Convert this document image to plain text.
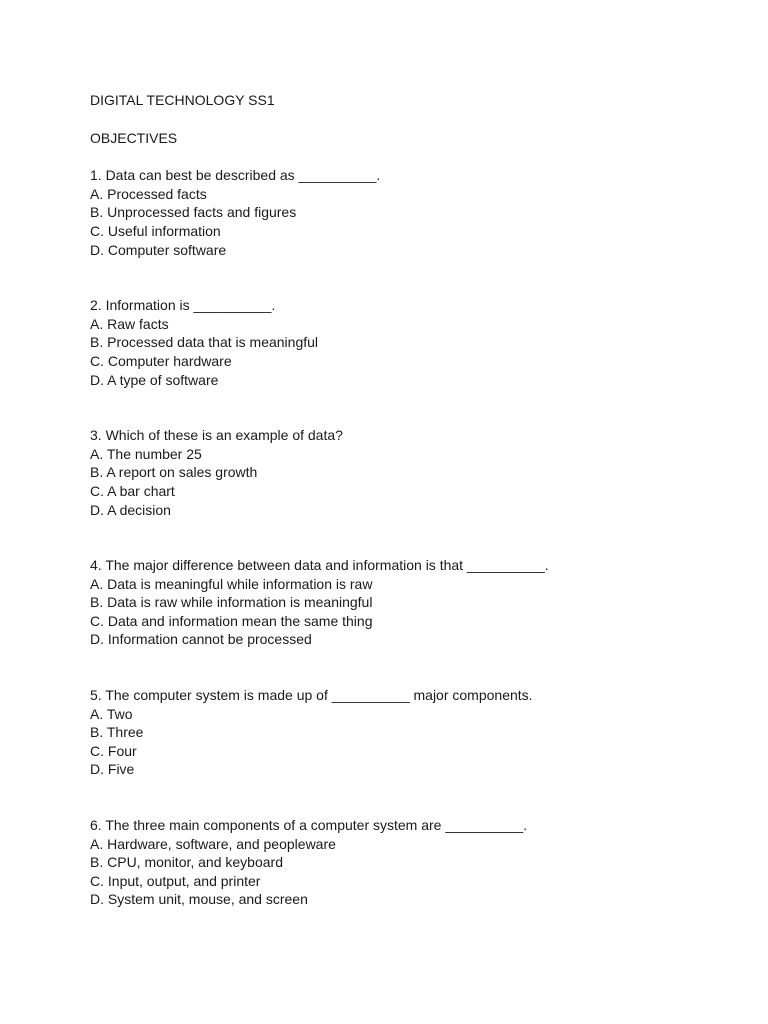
DIGITAL TECHNOLOGY SS1
OBJECTIVES
1. Data can best be described as __________.
A. Processed facts
B. Unprocessed facts and figures
C. Useful information
D. Computer software
2. Information is __________.
A. Raw facts
B. Processed data that is meaningful
C. Computer hardware
D. A type of software
3. Which of these is an example of data?
A. The number 25
B. A report on sales growth
C. A bar chart
D. A decision
4. The major difference between data and information is that __________.
A. Data is meaningful while information is raw
B. Data is raw while information is meaningful
C. Data and information mean the same thing
D. Information cannot be processed
5. The computer system is made up of __________ major components.
A. Two
B. Three
C. Four
D. Five
6. The three main components of a computer system are __________.
A. Hardware, software, and peopleware
B. CPU, monitor, and keyboard
C. Input, output, and printer
D. System unit, mouse, and screen
